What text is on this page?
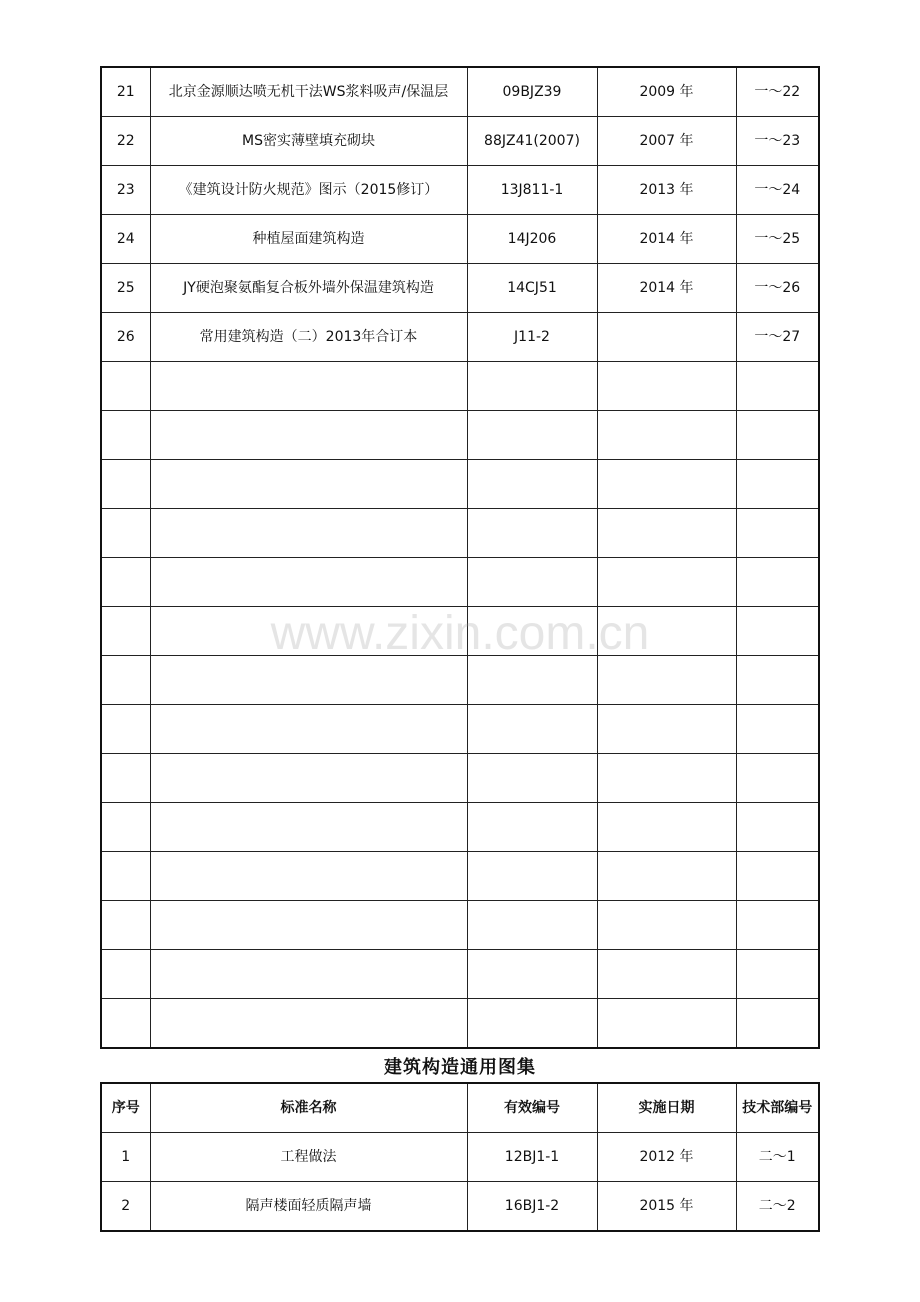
21	北京金源顺达喷无机干法WS浆料吸声/保温层	09BJZ39	2009 年	一～22
22	MS密实薄壁填充砌块	88JZ41(2007)	2007 年	一～23
23	《建筑设计防火规范》图示（2015修订）	13J811-1	2013 年	一～24
24	种植屋面建筑构造	14J206	2014 年	一～25
25	JY硬泡聚氨酯复合板外墙外保温建筑构造	14CJ51	2014 年	一～26
26	常用建筑构造（二）2013年合订本	J11-2		一～27

建筑构造通用图集
序号	标准名称	有效编号	实施日期	技术部编号
1	工程做法	12BJ1-1	2012 年	二～1
2	隔声楼面轻质隔声墙	16BJ1-2	2015 年	二～2
www.zixin.com.cn
